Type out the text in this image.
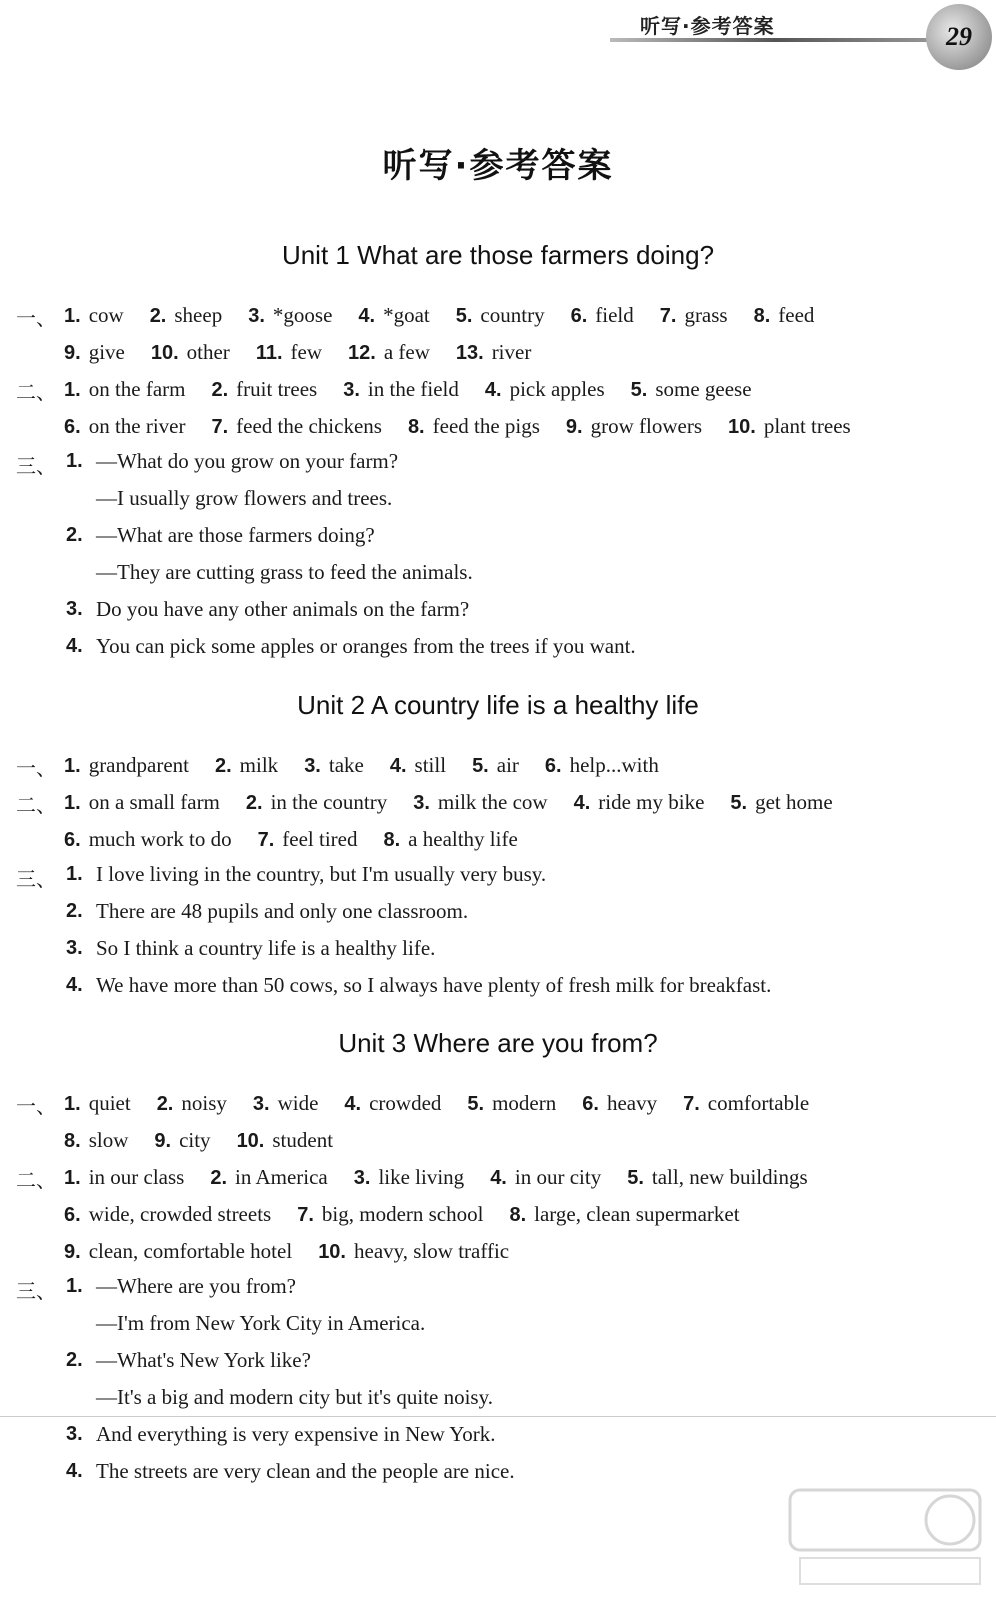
听写·参考答案	29
听写·参考答案
Unit 1 What are those farmers doing?
一、 1. cow 2. sheep 3. *goose 4. *goat 5. country 6. field 7. grass 8. feed
9. give 10. other 11. few 12. a few 13. river
二、 1. on the farm 2. fruit trees 3. in the field 4. pick apples 5. some geese
6. on the river 7. feed the chickens 8. feed the pigs 9. grow flowers 10. plant trees
三、 1. —What do you grow on your farm?
—I usually grow flowers and trees.
2. —What are those farmers doing?
—They are cutting grass to feed the animals.
3. Do you have any other animals on the farm?
4. You can pick some apples or oranges from the trees if you want.
Unit 2 A country life is a healthy life
一、 1. grandparent 2. milk 3. take 4. still 5. air 6. help...with
二、 1. on a small farm 2. in the country 3. milk the cow 4. ride my bike 5. get home
6. much work to do 7. feel tired 8. a healthy life
三、 1. I love living in the country, but I'm usually very busy.
2. There are 48 pupils and only one classroom.
3. So I think a country life is a healthy life.
4. We have more than 50 cows, so I always have plenty of fresh milk for breakfast.
Unit 3 Where are you from?
一、 1. quiet 2. noisy 3. wide 4. crowded 5. modern 6. heavy 7. comfortable
8. slow 9. city 10. student
二、 1. in our class 2. in America 3. like living 4. in our city 5. tall, new buildings
6. wide, crowded streets 7. big, modern school 8. large, clean supermarket
9. clean, comfortable hotel 10. heavy, slow traffic
三、 1. —Where are you from?
—I'm from New York City in America.
2. —What's New York like?
—It's a big and modern city but it's quite noisy.
3. And everything is very expensive in New York.
4. The streets are very clean and the people are nice.
